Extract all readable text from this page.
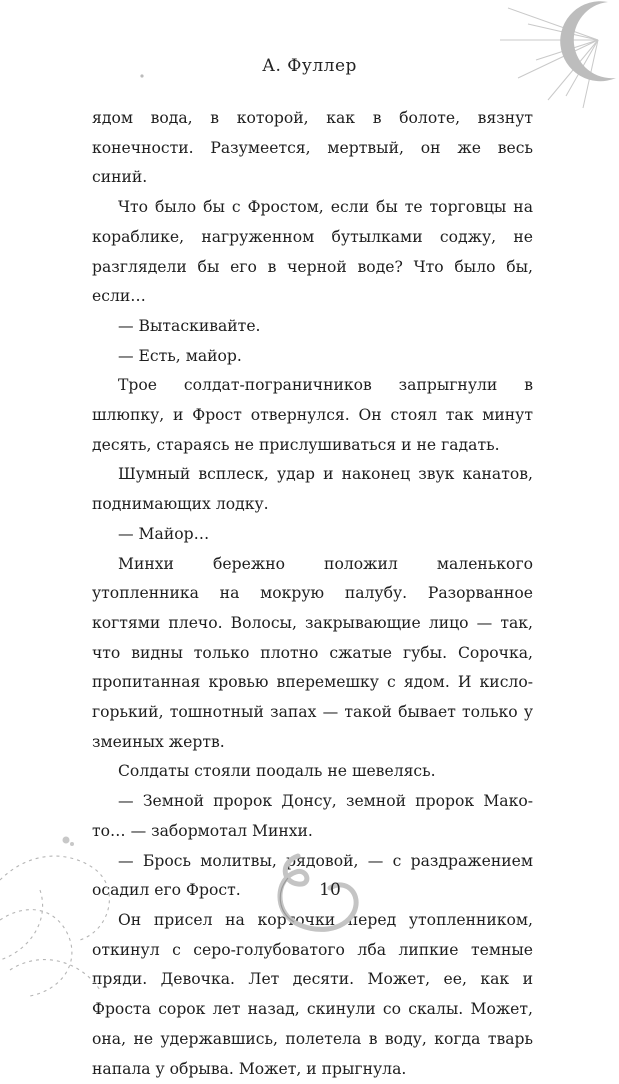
А. Фуллер

ядом вода, в которой, как в болоте, вязнут конечности. Разумеется, мертвый, он же весь синий.

Что было бы с Фростом, если бы те торговцы на кораблике, нагруженном бутылками соджу, не разглядели бы его в черной воде? Что было бы, если…

— Вытаскивайте.

— Есть, майор.

Трое солдат-пограничников запрыгнули в шлюпку, и Фрост отвернулся. Он стоял так минут десять, стараясь не прислушиваться и не гадать.

Шумный всплеск, удар и наконец звук канатов, поднимающих лодку.

— Майор…

Минхи бережно положил маленького утопленника на мокрую палубу. Разорванное когтями плечо. Волосы, закрывающие лицо — так, что видны только плотно сжатые губы. Сорочка, пропитанная кровью вперемешку с ядом. И кисло-горький, тошнотный запах — такой бывает только у змеиных жертв.

Солдаты стояли поодаль не шевелясь.

— Земной пророк Донсу, земной пророк Макото… — забормотал Минхи.

— Брось молитвы, рядовой, — с раздражением осадил его Фрост.

Он присел на корточки перед утопленником, откинул с серо-голубоватого лба липкие темные пряди. Девочка. Лет десяти. Может, ее, как и Фроста сорок лет назад, скинули со скалы. Может, она, не удержавшись, полетела в воду, когда тварь напала у обрыва. Может, и прыгнула.

10
